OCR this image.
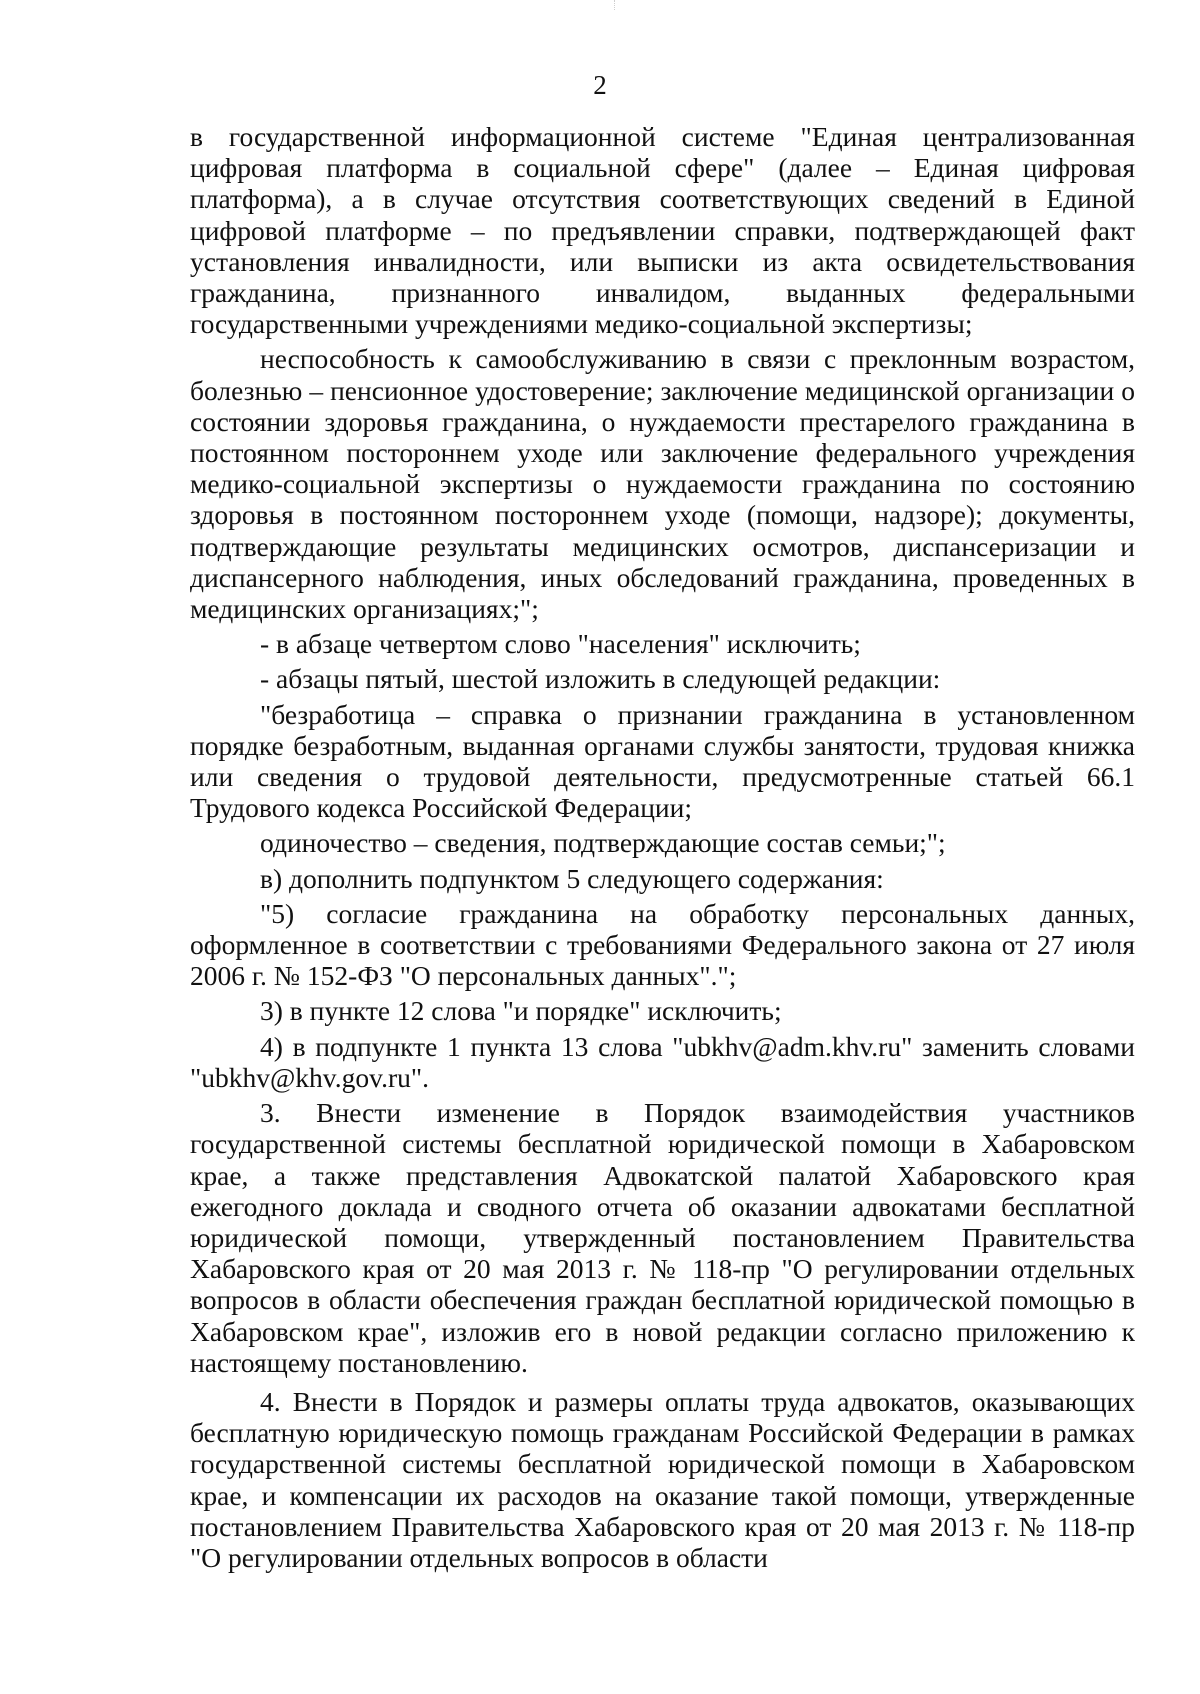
2

в государственной информационной системе "Единая централизованная цифровая платформа в социальной сфере" (далее – Единая цифровая платформа), а в случае отсутствия соответствующих сведений в Единой цифровой платформе – по предъявлении справки, подтверждающей факт установления инвалидности, или выписки из акта освидетельствования гражданина, признанного инвалидом, выданных федеральными государственными учреждениями медико-социальной экспертизы;

неспособность к самообслуживанию в связи с преклонным возрастом, болезнью – пенсионное удостоверение; заключение медицинской организации о состоянии здоровья гражданина, о нуждаемости престарелого гражданина в постоянном постороннем уходе или заключение федерального учреждения медико-социальной экспертизы о нуждаемости гражданина по состоянию здоровья в постоянном постороннем уходе (помощи, надзоре); документы, подтверждающие результаты медицинских осмотров, диспансеризации и диспансерного наблюдения, иных обследований гражданина, проведенных в медицинских организациях;";

- в абзаце четвертом слово "населения" исключить;

- абзацы пятый, шестой изложить в следующей редакции:

"безработица – справка о признании гражданина в установленном порядке безработным, выданная органами службы занятости, трудовая книжка или сведения о трудовой деятельности, предусмотренные статьей 66.1 Трудового кодекса Российской Федерации;

одиночество – сведения, подтверждающие состав семьи;";

в) дополнить подпунктом 5 следующего содержания:

"5) согласие гражданина на обработку персональных данных, оформленное в соответствии с требованиями Федерального закона от 27 июля 2006 г. № 152-ФЗ "О персональных данных".";

3) в пункте 12 слова "и порядке" исключить;

4) в подпункте 1 пункта 13 слова "ubkhv@adm.khv.ru" заменить словами "ubkhv@khv.gov.ru".

3. Внести изменение в Порядок взаимодействия участников государственной системы бесплатной юридической помощи в Хабаровском крае, а также представления Адвокатской палатой Хабаровского края ежегодного доклада и сводного отчета об оказании адвокатами бесплатной юридической помощи, утвержденный постановлением Правительства Хабаровского края от 20 мая 2013 г. № 118-пр "О регулировании отдельных вопросов в области обеспечения граждан бесплатной юридической помощью в Хабаровском крае", изложив его в новой редакции согласно приложению к настоящему постановлению.

4. Внести в Порядок и размеры оплаты труда адвокатов, оказывающих бесплатную юридическую помощь гражданам Российской Федерации в рамках государственной системы бесплатной юридической помощи в Хабаровском крае, и компенсации их расходов на оказание такой помощи, утвержденные постановлением Правительства Хабаровского края от 20 мая 2013 г. № 118-пр "О регулировании отдельных вопросов в области
